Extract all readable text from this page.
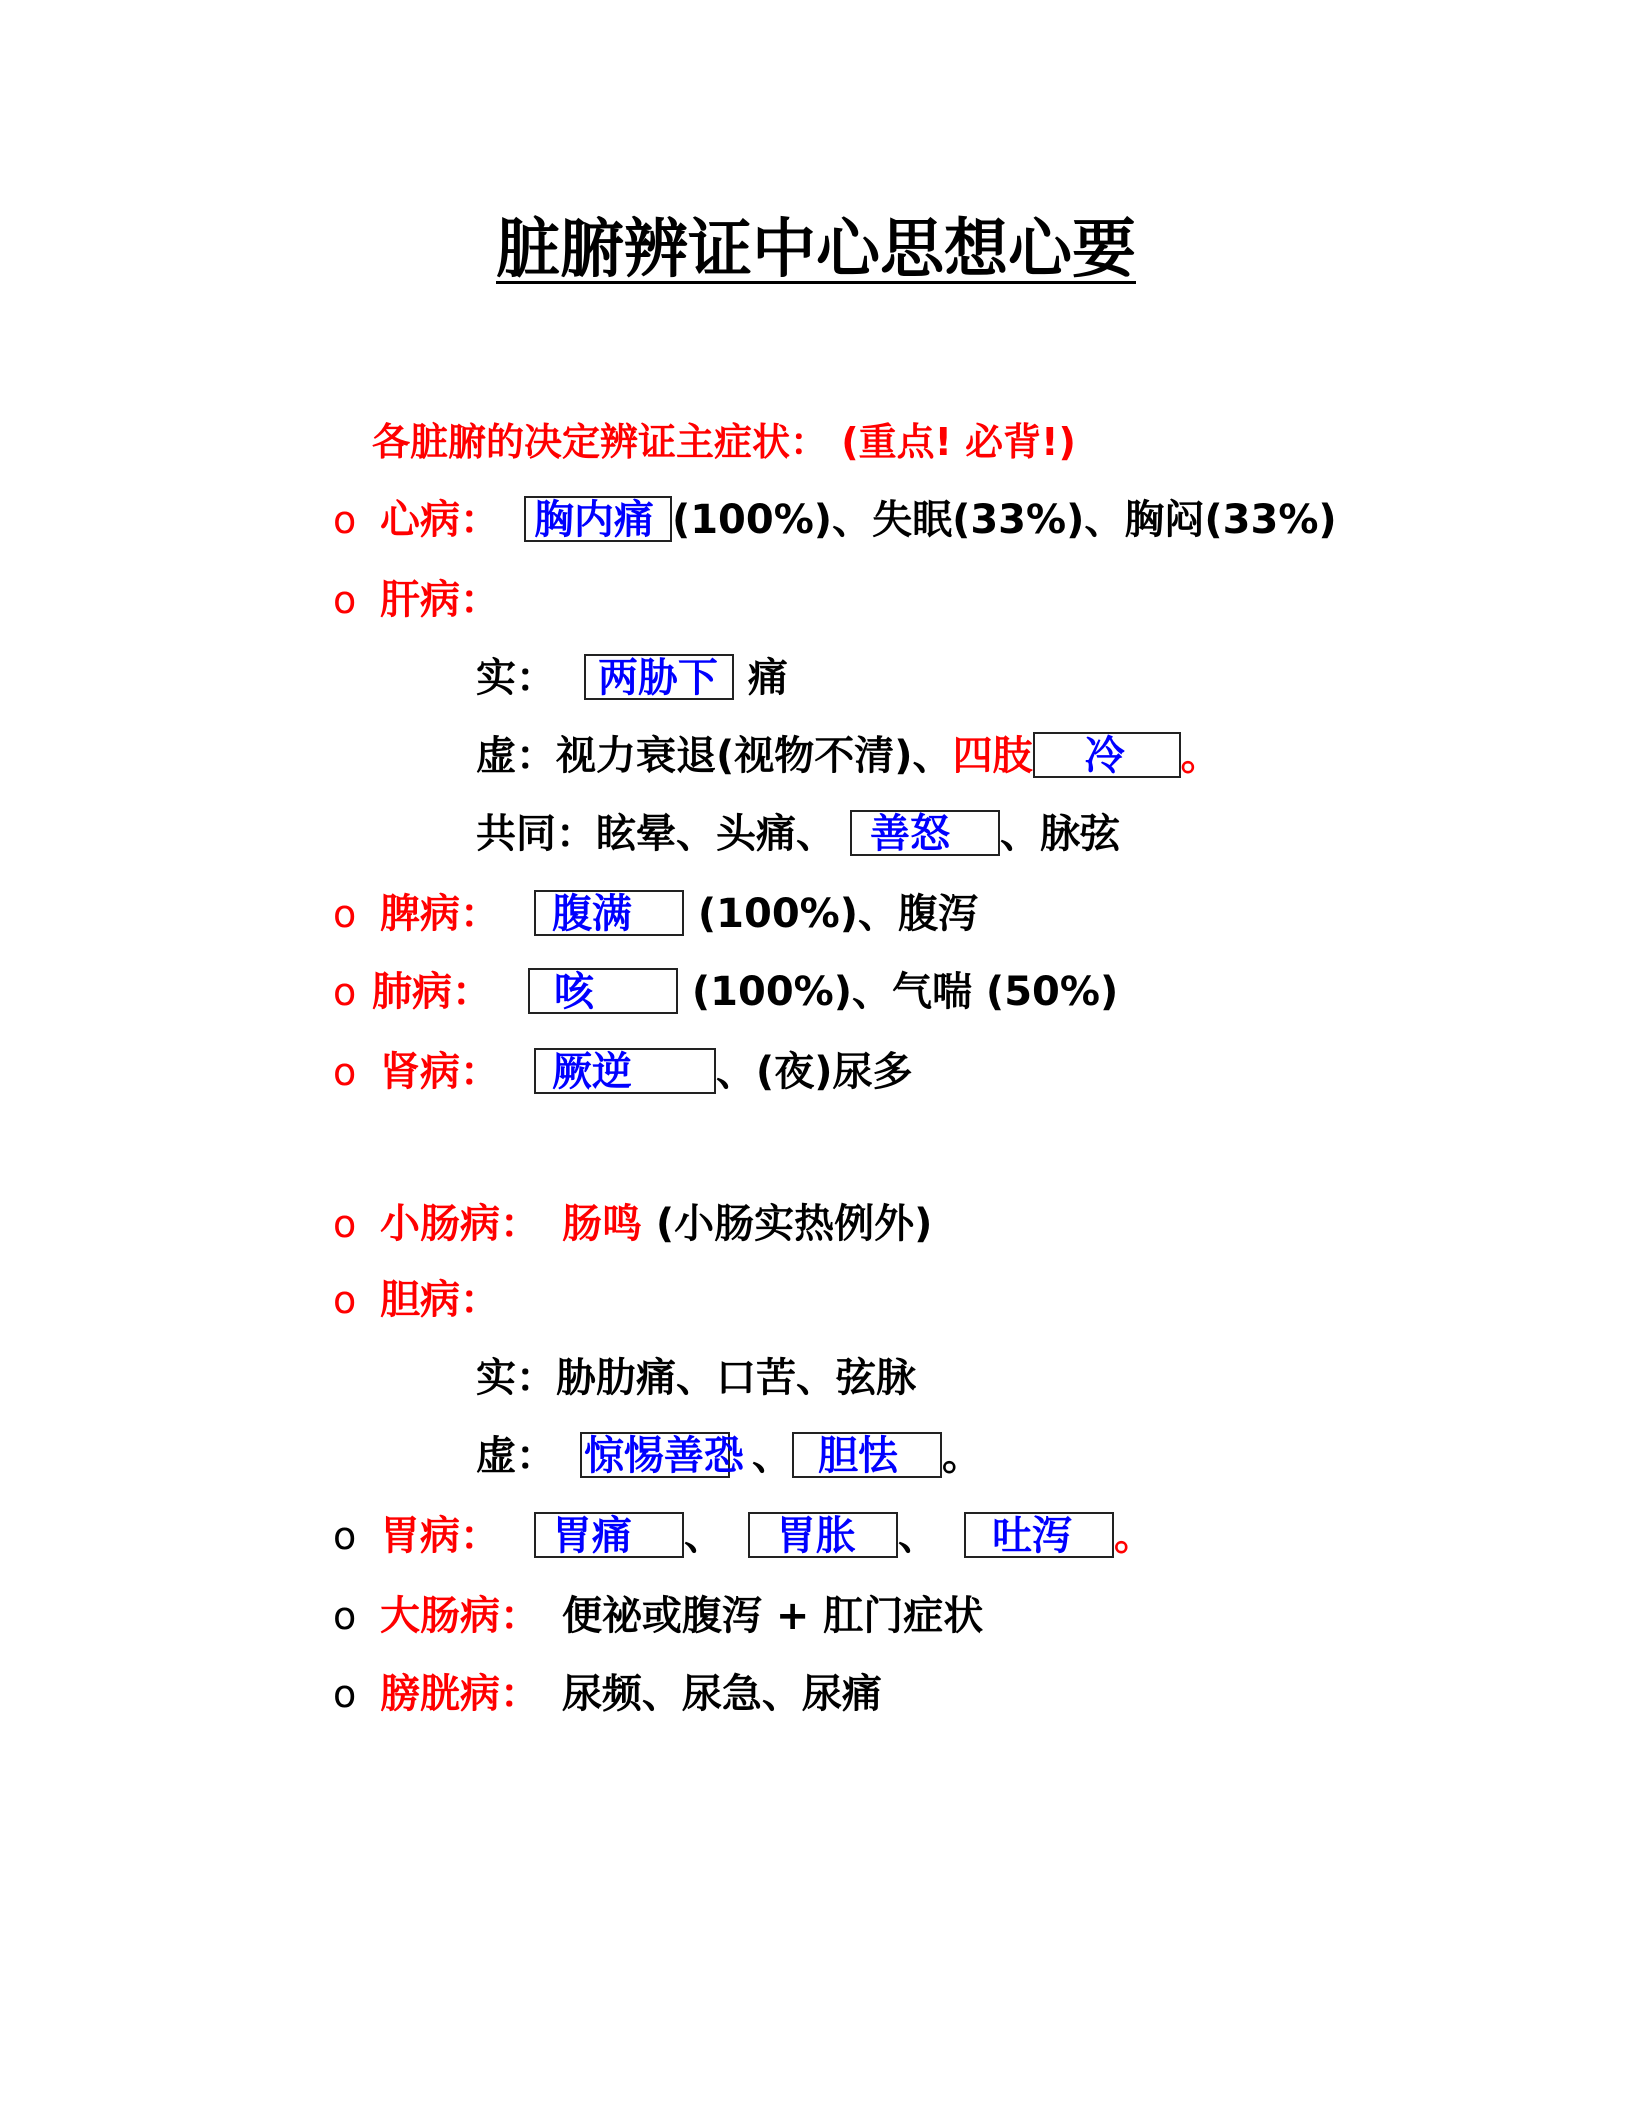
脏腑辨证中心思想心要
各脏腑的决定辨证主症状： (重点! 必背!)
o 心病： 胸内痛 (100%)、失眠(33%)、胸闷(33%)
o 肝病：
实： 两胁下 痛
虚：视力衰退(视物不清)、四肢 冷 。
共同：眩晕、头痛、 善怒 、脉弦
o 脾病： 腹满 (100%)、腹泻
o 肺病： 咳 (100%)、气喘 (50%)
o 肾病： 厥逆 、(夜)尿多
o 小肠病： 肠鸣 (小肠实热例外)
o 胆病：
实：胁肋痛、口苦、弦脉
虚： 惊惕善恐 、 胆怯 。
o 胃病： 胃痛 、 胃胀 、 吐泻 。
o 大肠病： 便祕或腹泻 + 肛门症状
o 膀胱病： 尿频、尿急、尿痛
